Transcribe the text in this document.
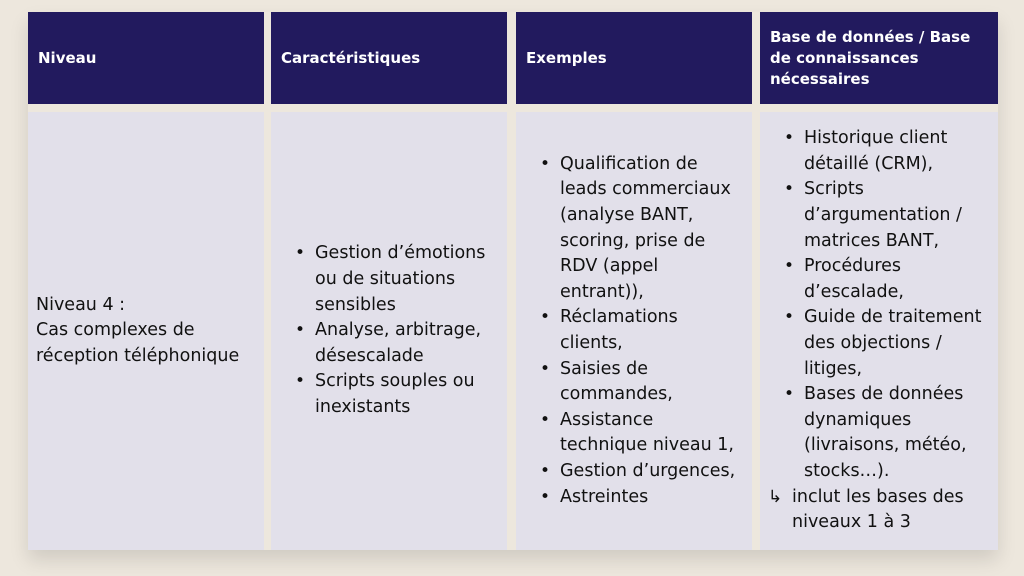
Niveau
Niveau 4 :
Cas complexes de réception téléphonique
Caractéristiques
• Gestion d’émotions ou de situations sensibles
• Analyse, arbitrage, désescalade
• Scripts souples ou inexistants
Exemples
• Qualification de leads commerciaux (analyse BANT, scoring, prise de RDV (appel entrant)),
• Réclamations clients,
• Saisies de commandes,
• Assistance technique niveau 1,
• Gestion d’urgences,
• Astreintes
Base de données / Base de connaissances nécessaires
• Historique client détaillé (CRM),
• Scripts d’argumentation / matrices BANT,
• Procédures d’escalade,
• Guide de traitement des objections / litiges,
• Bases de données dynamiques (livraisons, météo, stocks…).
↳ inclut les bases des niveaux 1 à 3
